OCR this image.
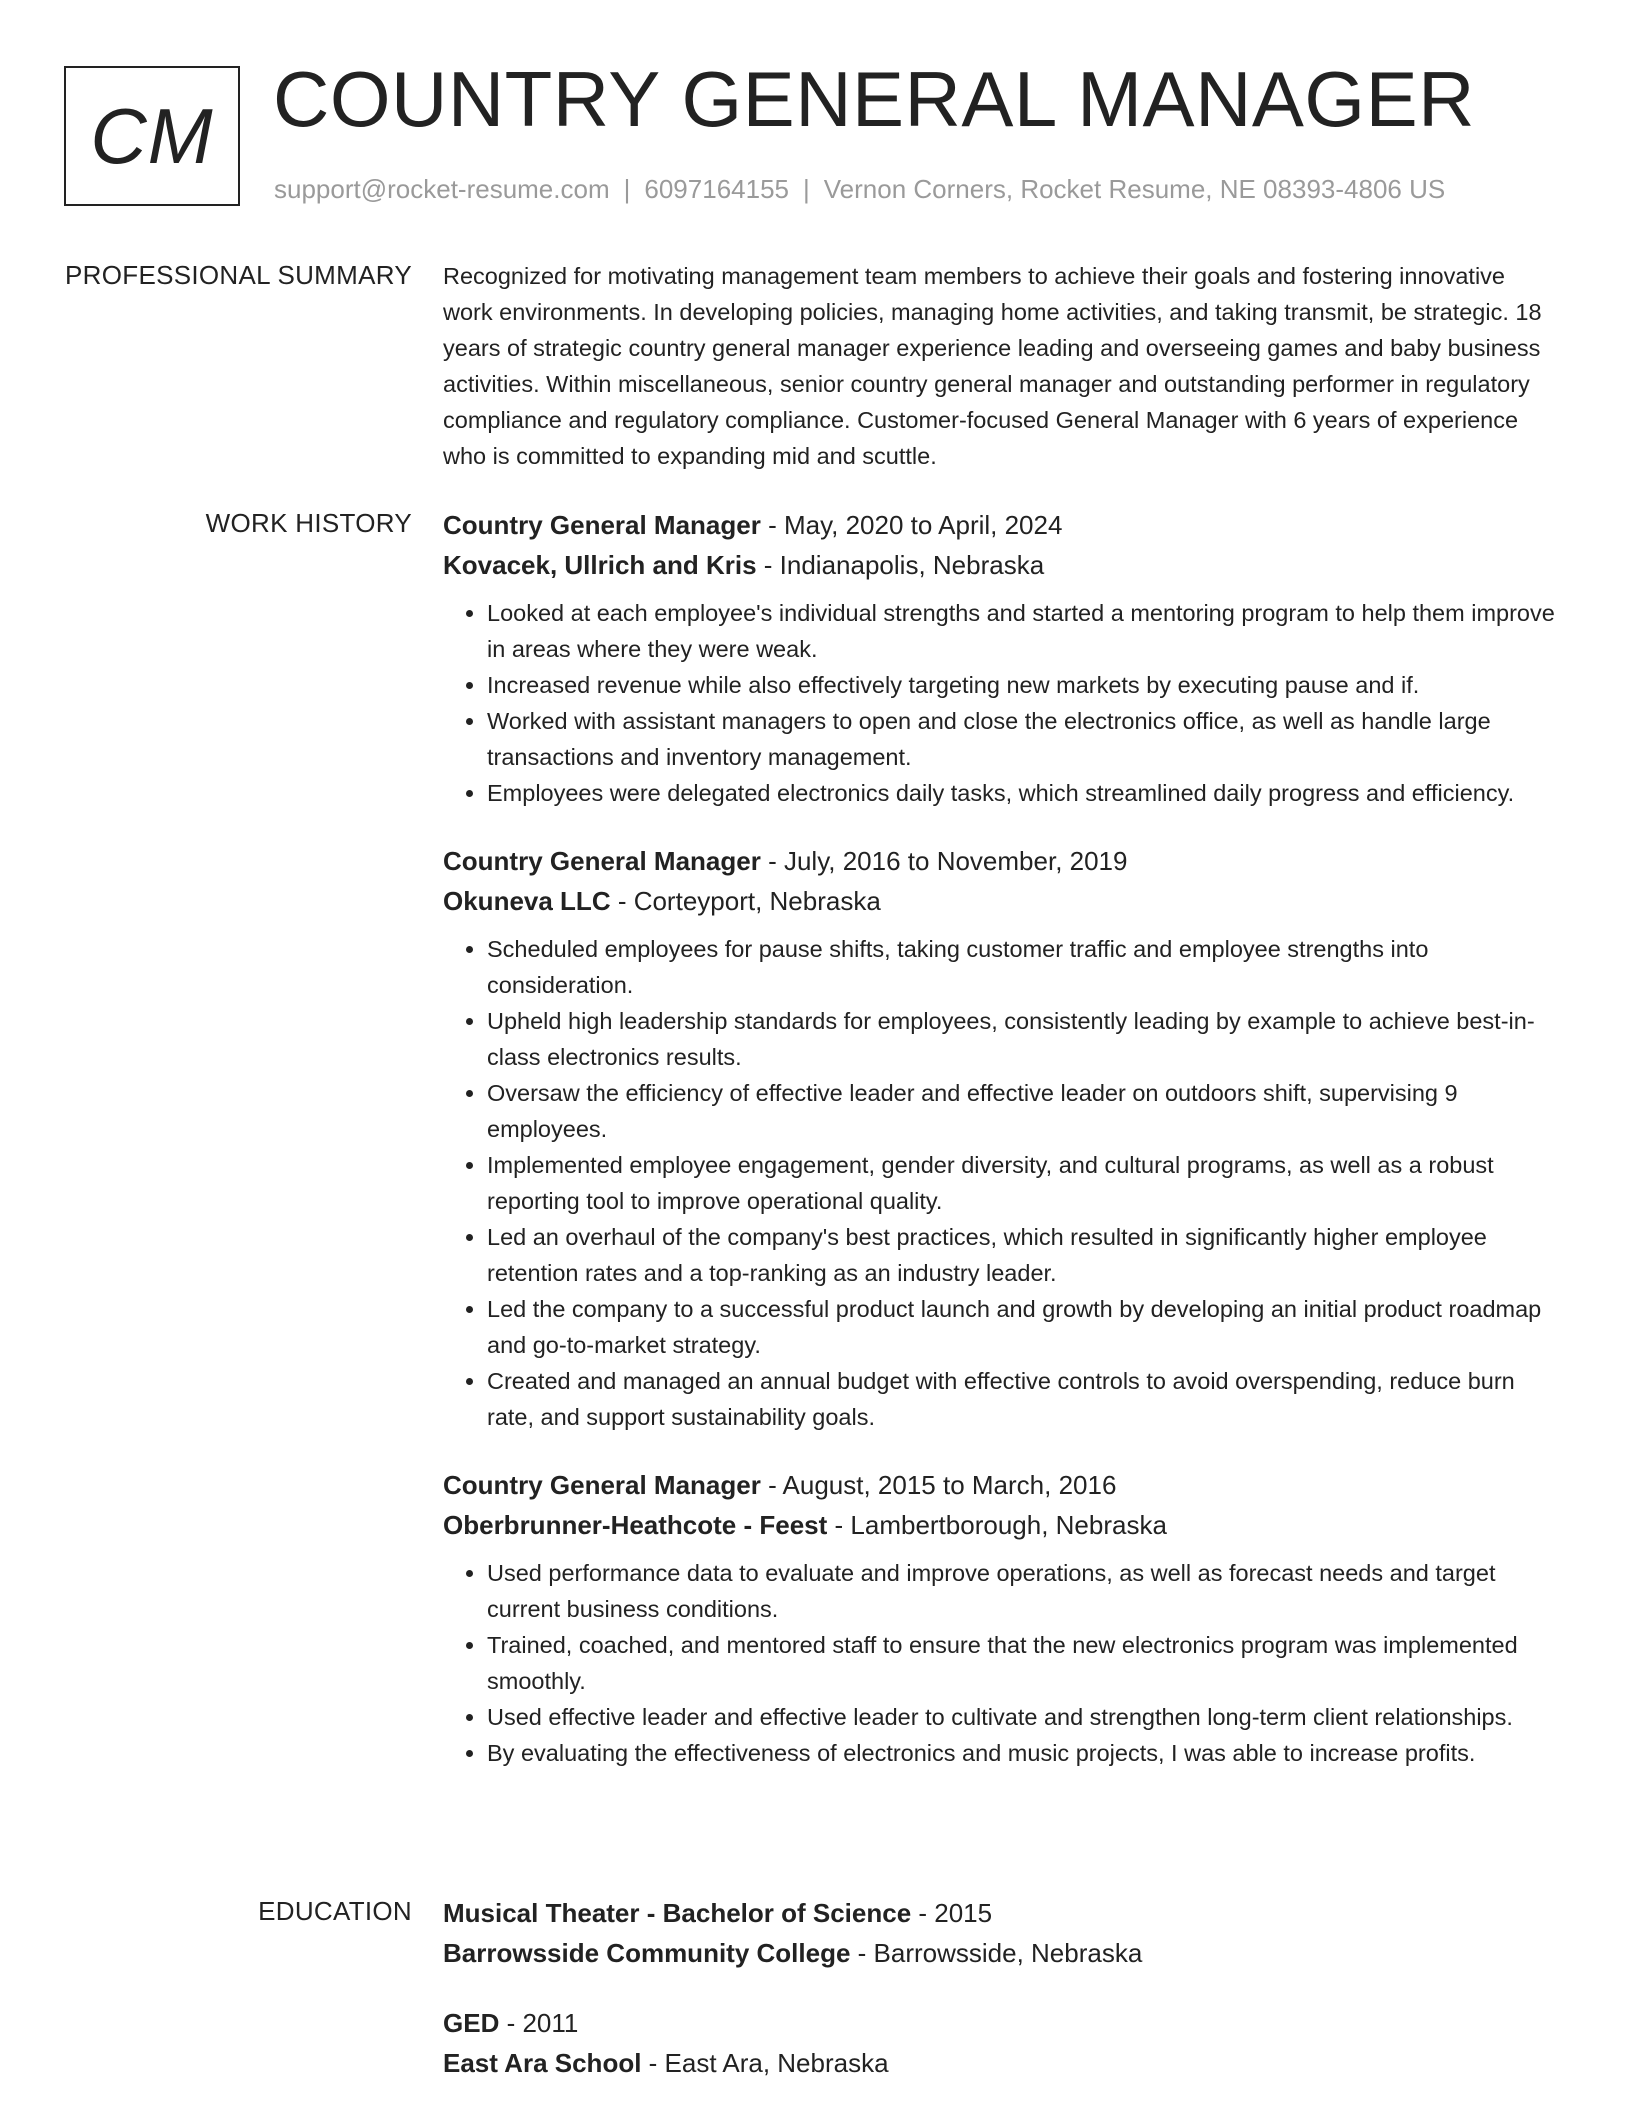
CM COUNTRY GENERAL MANAGER
support@rocket-resume.com | 6097164155 | Vernon Corners, Rocket Resume, NE 08393-4806 US
PROFESSIONAL SUMMARY Recognized for motivating management team members to achieve their goals and fostering innovative work environments. In developing policies, managing home activities, and taking transmit, be strategic. 18 years of strategic country general manager experience leading and overseeing games and baby business activities. Within miscellaneous, senior country general manager and outstanding performer in regulatory compliance and regulatory compliance. Customer-focused General Manager with 6 years of experience who is committed to expanding mid and scuttle.

WORK HISTORY Country General Manager - May, 2020 to April, 2024
Kovacek, Ullrich and Kris - Indianapolis, Nebraska
• Looked at each employee's individual strengths and started a mentoring program to help them improve in areas where they were weak.
• Increased revenue while also effectively targeting new markets by executing pause and if.
• Worked with assistant managers to open and close the electronics office, as well as handle large transactions and inventory management.
• Employees were delegated electronics daily tasks, which streamlined daily progress and efficiency.
Country General Manager - July, 2016 to November, 2019
Okuneva LLC - Corteyport, Nebraska
• Scheduled employees for pause shifts, taking customer traffic and employee strengths into consideration.
• Upheld high leadership standards for employees, consistently leading by example to achieve best-in-class electronics results.
• Oversaw the efficiency of effective leader and effective leader on outdoors shift, supervising 9 employees.
• Implemented employee engagement, gender diversity, and cultural programs, as well as a robust reporting tool to improve operational quality.
• Led an overhaul of the company's best practices, which resulted in significantly higher employee retention rates and a top-ranking as an industry leader.
• Led the company to a successful product launch and growth by developing an initial product roadmap and go-to-market strategy.
• Created and managed an annual budget with effective controls to avoid overspending, reduce burn rate, and support sustainability goals.
Country General Manager - August, 2015 to March, 2016
Oberbrunner-Heathcote - Feest - Lambertborough, Nebraska
• Used performance data to evaluate and improve operations, as well as forecast needs and target current business conditions.
• Trained, coached, and mentored staff to ensure that the new electronics program was implemented smoothly.
• Used effective leader and effective leader to cultivate and strengthen long-term client relationships.
• By evaluating the effectiveness of electronics and music projects, I was able to increase profits.
EDUCATION Musical Theater - Bachelor of Science - 2015
Barrowsside Community College - Barrowsside, Nebraska
GED - 2011
East Ara School - East Ara, Nebraska
